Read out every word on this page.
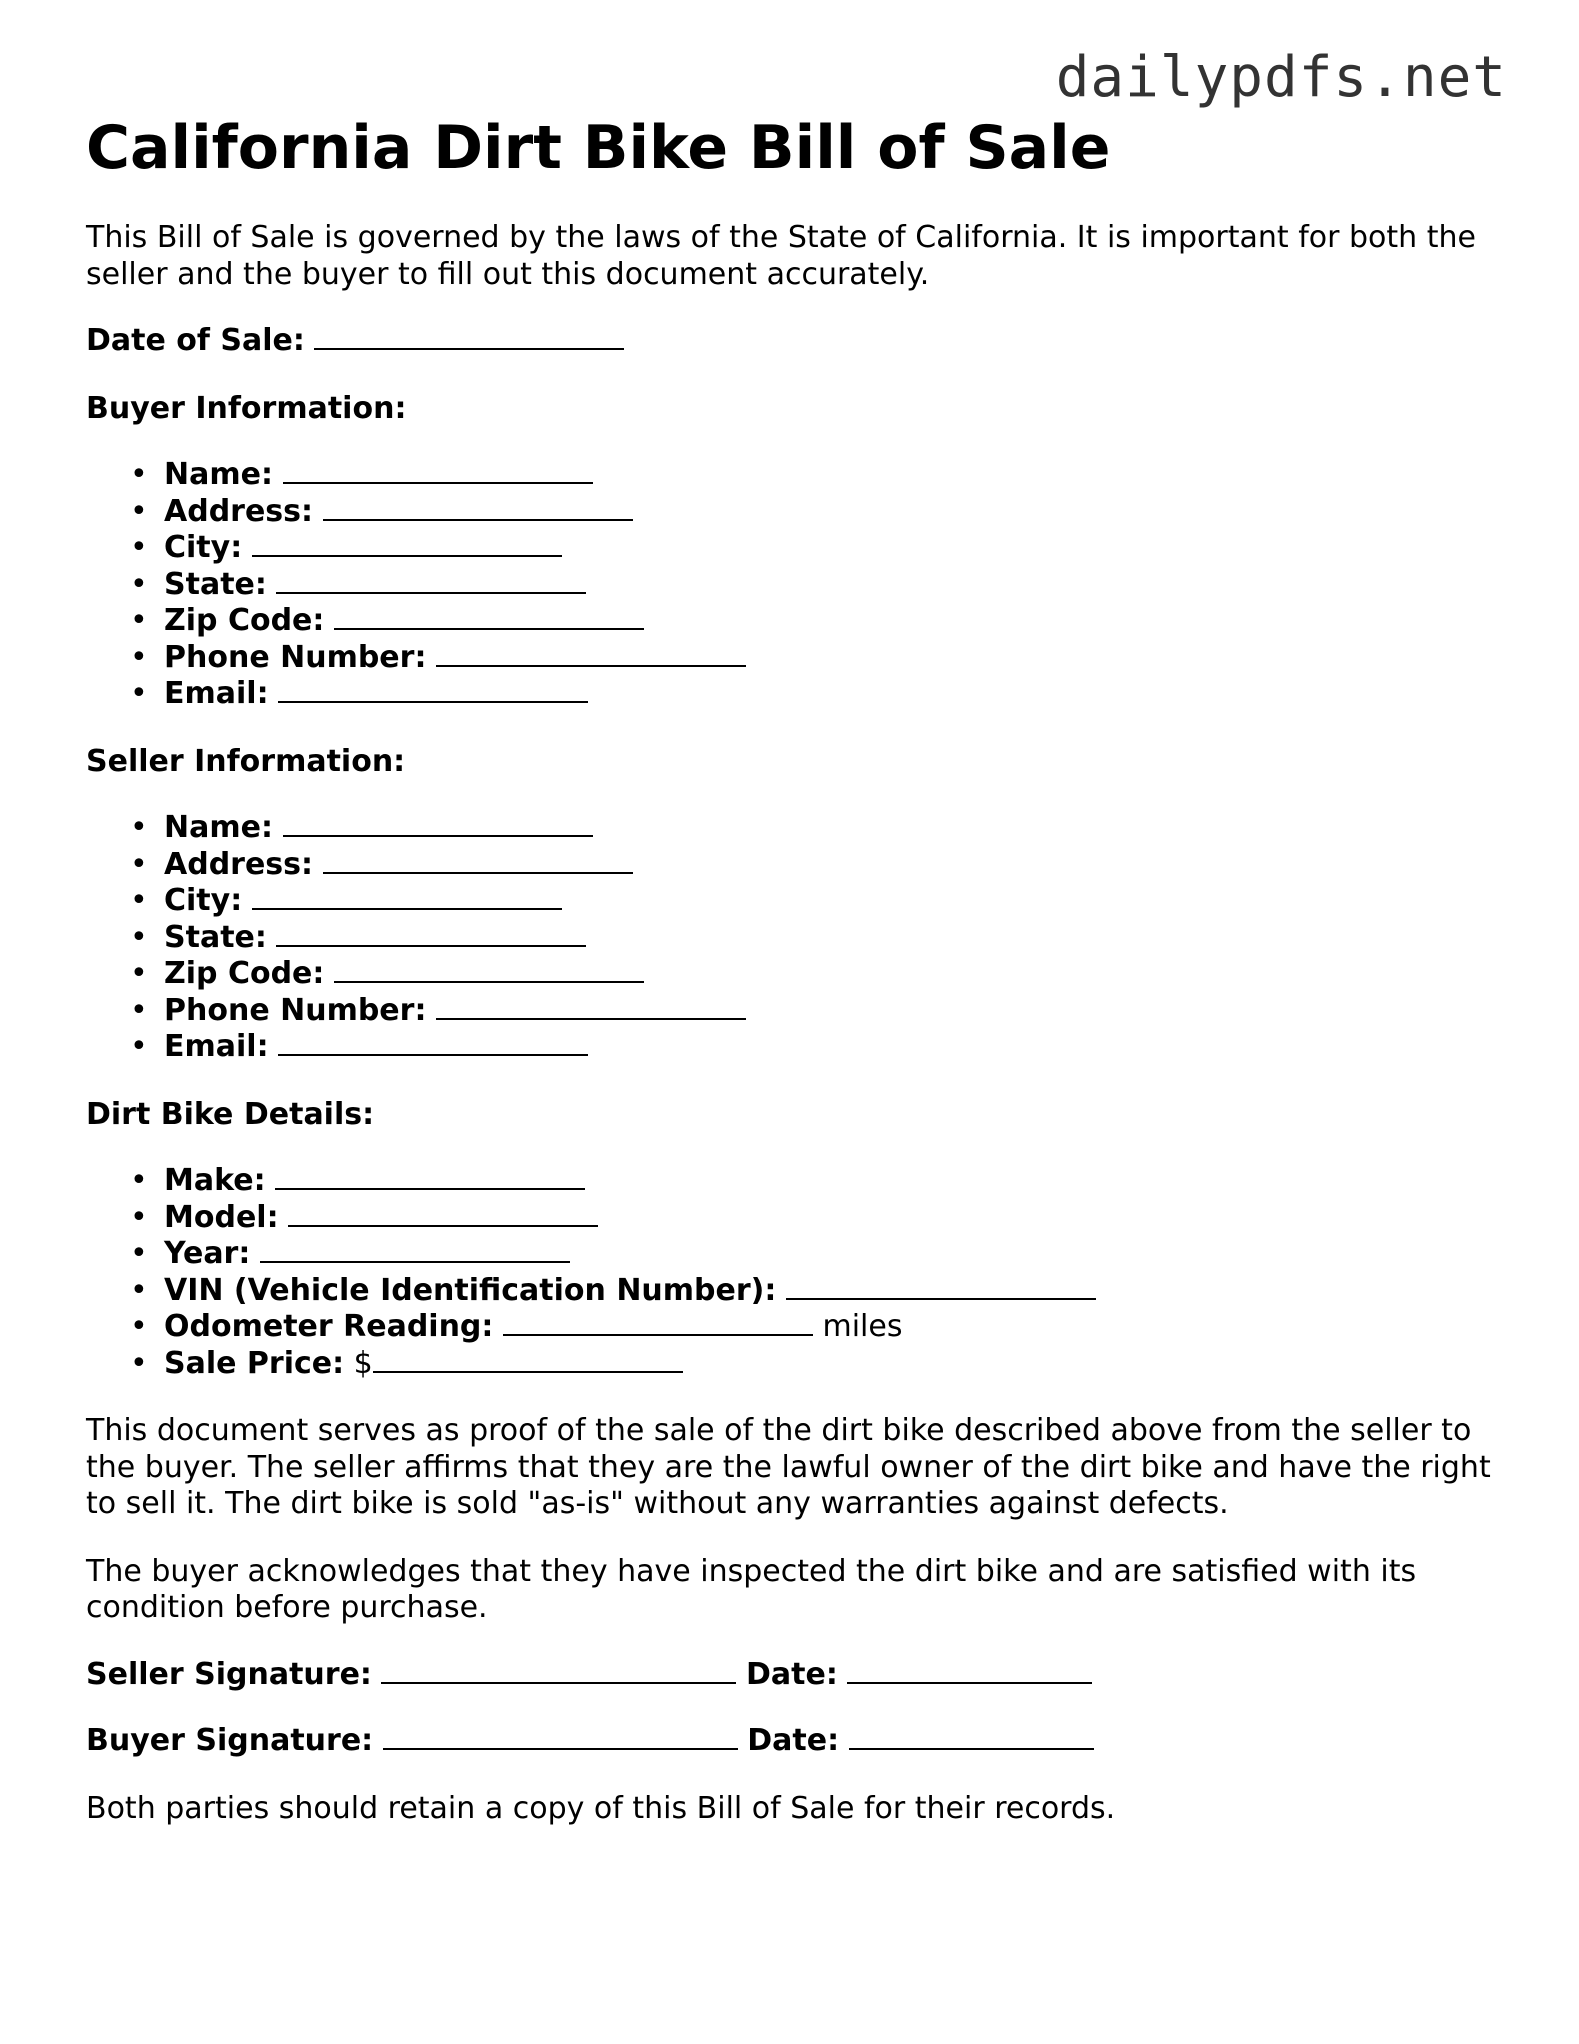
dailypdfs.net
California Dirt Bike Bill of Sale

This Bill of Sale is governed by the laws of the State of California. It is important for both the seller and the buyer to fill out this document accurately.

Date of Sale:
Buyer Information:
• Name:
• Address:
• City:
• State:
• Zip Code:
• Phone Number:
• Email:
Seller Information:
• Name:
• Address:
• City:
• State:
• Zip Code:
• Phone Number:
• Email:
Dirt Bike Details:
• Make:
• Model:
• Year:
• VIN (Vehicle Identification Number):
• Odometer Reading:	miles
• Sale Price: $

This document serves as proof of the sale of the dirt bike described above from the seller to the buyer. The seller affirms that they are the lawful owner of the dirt bike and have the right to sell it. The dirt bike is sold "as-is" without any warranties against defects.

The buyer acknowledges that they have inspected the dirt bike and are satisfied with its condition before purchase.

Seller Signature:	Date:
Buyer Signature:	Date:

Both parties should retain a copy of this Bill of Sale for their records.
